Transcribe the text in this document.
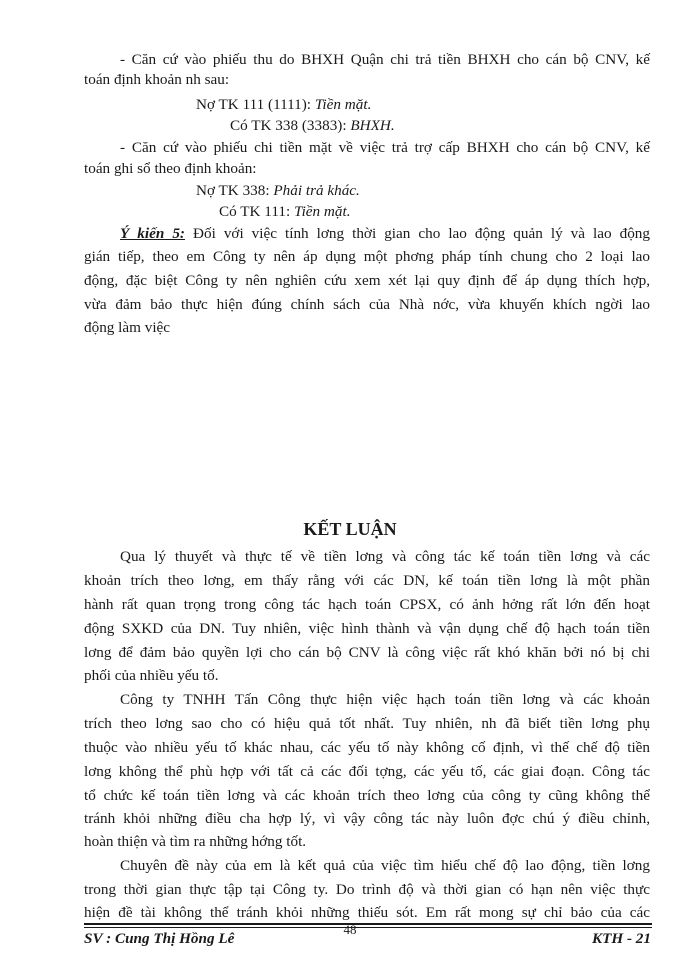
- Căn cứ vào phiếu thu do BHXH Quận chi trả tiền BHXH cho cán bộ CNV, kế
toán định khoản nh sau:
Nợ TK 111 (1111): Tiền mặt.
Có TK 338 (3383): BHXH.
- Căn cứ vào phiếu chi tiền mặt về việc trả trợ cấp BHXH cho cán bộ CNV, kế
toán ghi sổ theo định khoản:
Nợ TK 338: Phải trả khác.
Có TK 111: Tiền mặt.
Ý kiến 5: Đối với việc tính lơng thời gian cho lao động quản lý và lao động
gián tiếp, theo em Công ty nên áp dụng một phơng pháp tính chung cho 2 loại lao
động, đặc biệt Công ty nên nghiên cứu xem xét lại quy định để áp dụng thích hợp,
vừa đảm bảo thực hiện đúng chính sách của Nhà nớc, vừa khuyến khích ngời lao
động làm việc
KẾT LUẬN
Qua lý thuyết và thực tế về tiền lơng và công tác kế toán tiền lơng và các
khoản trích theo lơng, em thấy rằng với các DN, kế toán tiền lơng là một phần
hành rất quan trọng trong công tác hạch toán CPSX, có ảnh hởng rất lớn đến hoạt
động SXKD của DN. Tuy nhiên, việc hình thành và vận dụng chế độ hạch toán tiền
lơng để đảm bảo quyền lợi cho cán bộ CNV là công việc rất khó khăn bởi nó bị chi
phối của nhiều yếu tố.
Công ty TNHH Tấn Công thực hiện việc hạch toán tiền lơng và các khoản
trích theo lơng sao cho có hiệu quả tốt nhất. Tuy nhiên, nh đã biết tiền lơng phụ
thuộc vào nhiều yếu tố khác nhau, các yếu tố này không cố định, vì thế chế độ tiền
lơng không thể phù hợp với tất cả các đối tợng, các yếu tố, các giai đoạn. Công tác
tổ chức kế toán tiền lơng và các khoản trích theo lơng của công ty cũng không thể
tránh khỏi những điều cha hợp lý, vì vậy công tác này luôn đợc chú ý điều chỉnh,
hoàn thiện và tìm ra những hớng tốt.
Chuyên đề này của em là kết quả của việc tìm hiểu chế độ lao động, tiền lơng
trong thời gian thực tập tại Công ty. Do trình độ và thời gian có hạn nên việc thực
hiện đề tài không thể tránh khỏi những thiếu sót. Em rất mong sự chỉ bảo của các
SV : Cung Thị Hồng Lê
48
KTH - 21
